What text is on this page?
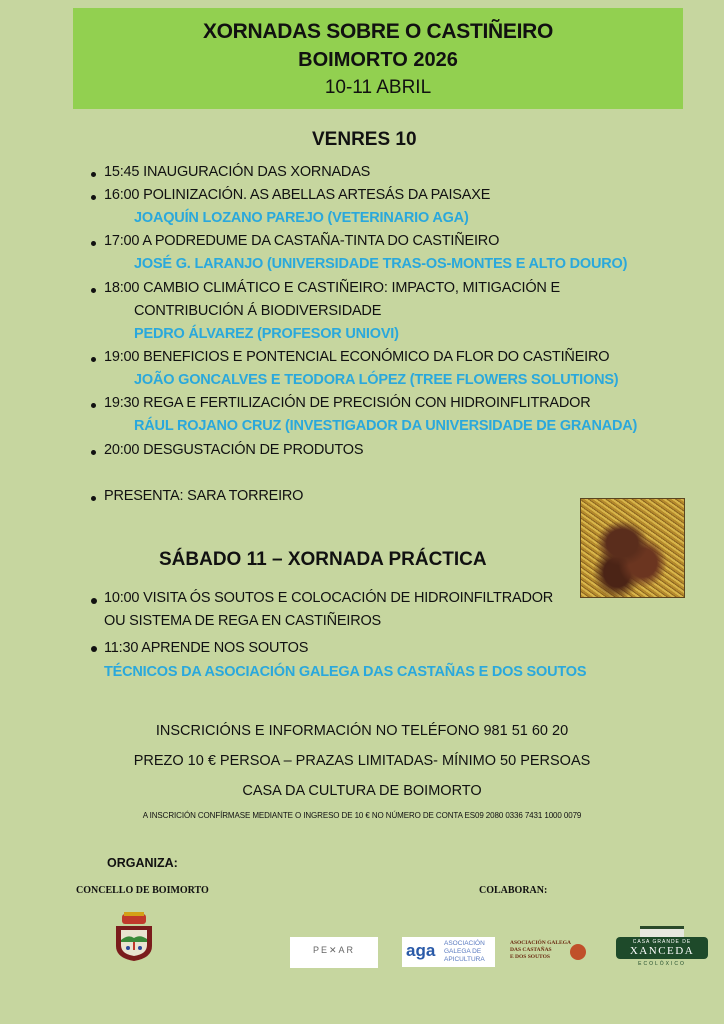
XORNADAS SOBRE O CASTIÑEIRO
BOIMORTO 2026
10-11 ABRIL
VENRES 10
15:45 INAUGURACIÓN DAS XORNADAS
16:00 POLINIZACIÓN. AS ABELLAS ARTESÁS DA PAISAXE
JOAQUÍN LOZANO PAREJO (VETERINARIO AGA)
17:00 A PODREDUME DA CASTAÑA-TINTA DO CASTIÑEIRO
JOSÉ G. LARANJO (UNIVERSIDADE TRAS-OS-MONTES E ALTO DOURO)
18:00 CAMBIO CLIMÁTICO E CASTIÑEIRO: IMPACTO, MITIGACIÓN E
CONTRIBUCIÓN Á BIODIVERSIDADE
PEDRO ÁLVAREZ (PROFESOR UNIOVI)
19:00 BENEFICIOS E PONTENCIAL ECONÓMICO DA FLOR DO CASTIÑEIRO
JOÃO GONCALVES E TEODORA LÓPEZ (TREE FLOWERS SOLUTIONS)
19:30 REGA E FERTILIZACIÓN DE PRECISIÓN CON HIDROINFLITRADOR
RÁUL ROJANO CRUZ (INVESTIGADOR DA UNIVERSIDADE DE GRANADA)
20:00 DESGUSTACIÓN DE PRODUTOS
PRESENTA: SARA TORREIRO
SÁBADO 11 – XORNADA PRÁCTICA
10:00 VISITA ÓS SOUTOS E COLOCACIÓN DE HIDROINFILTRADOR
OU SISTEMA DE REGA EN CASTIÑEIROS
11:30 APRENDE NOS SOUTOS
TÉCNICOS DA ASOCIACIÓN GALEGA DAS CASTAÑAS E DOS SOUTOS
INSCRICIÓNS E INFORMACIÓN NO TELÉFONO 981 51 60 20
PREZO 10 € PERSOA – PRAZAS LIMITADAS- MÍNIMO 50 PERSOAS
CASA DA CULTURA DE BOIMORTO
A INSCRICIÓN CONFÍRMASE MEDIANTE O INGRESO DE 10 € NO NÚMERO DE CONTA ES09 2080 0336 7431 1000 0079
ORGANIZA:
CONCELLO DE BOIMORTO	COLABORAN:
PE✕AR	aga ASOCIACIÓN
GALEGA DE
APICULTURA
ASOCIACIÓN GALEGA
DAS CASTAÑAS
E DOS SOUTOS
CASA GRANDE DE
XANCEDA
ECOLÓXICO
